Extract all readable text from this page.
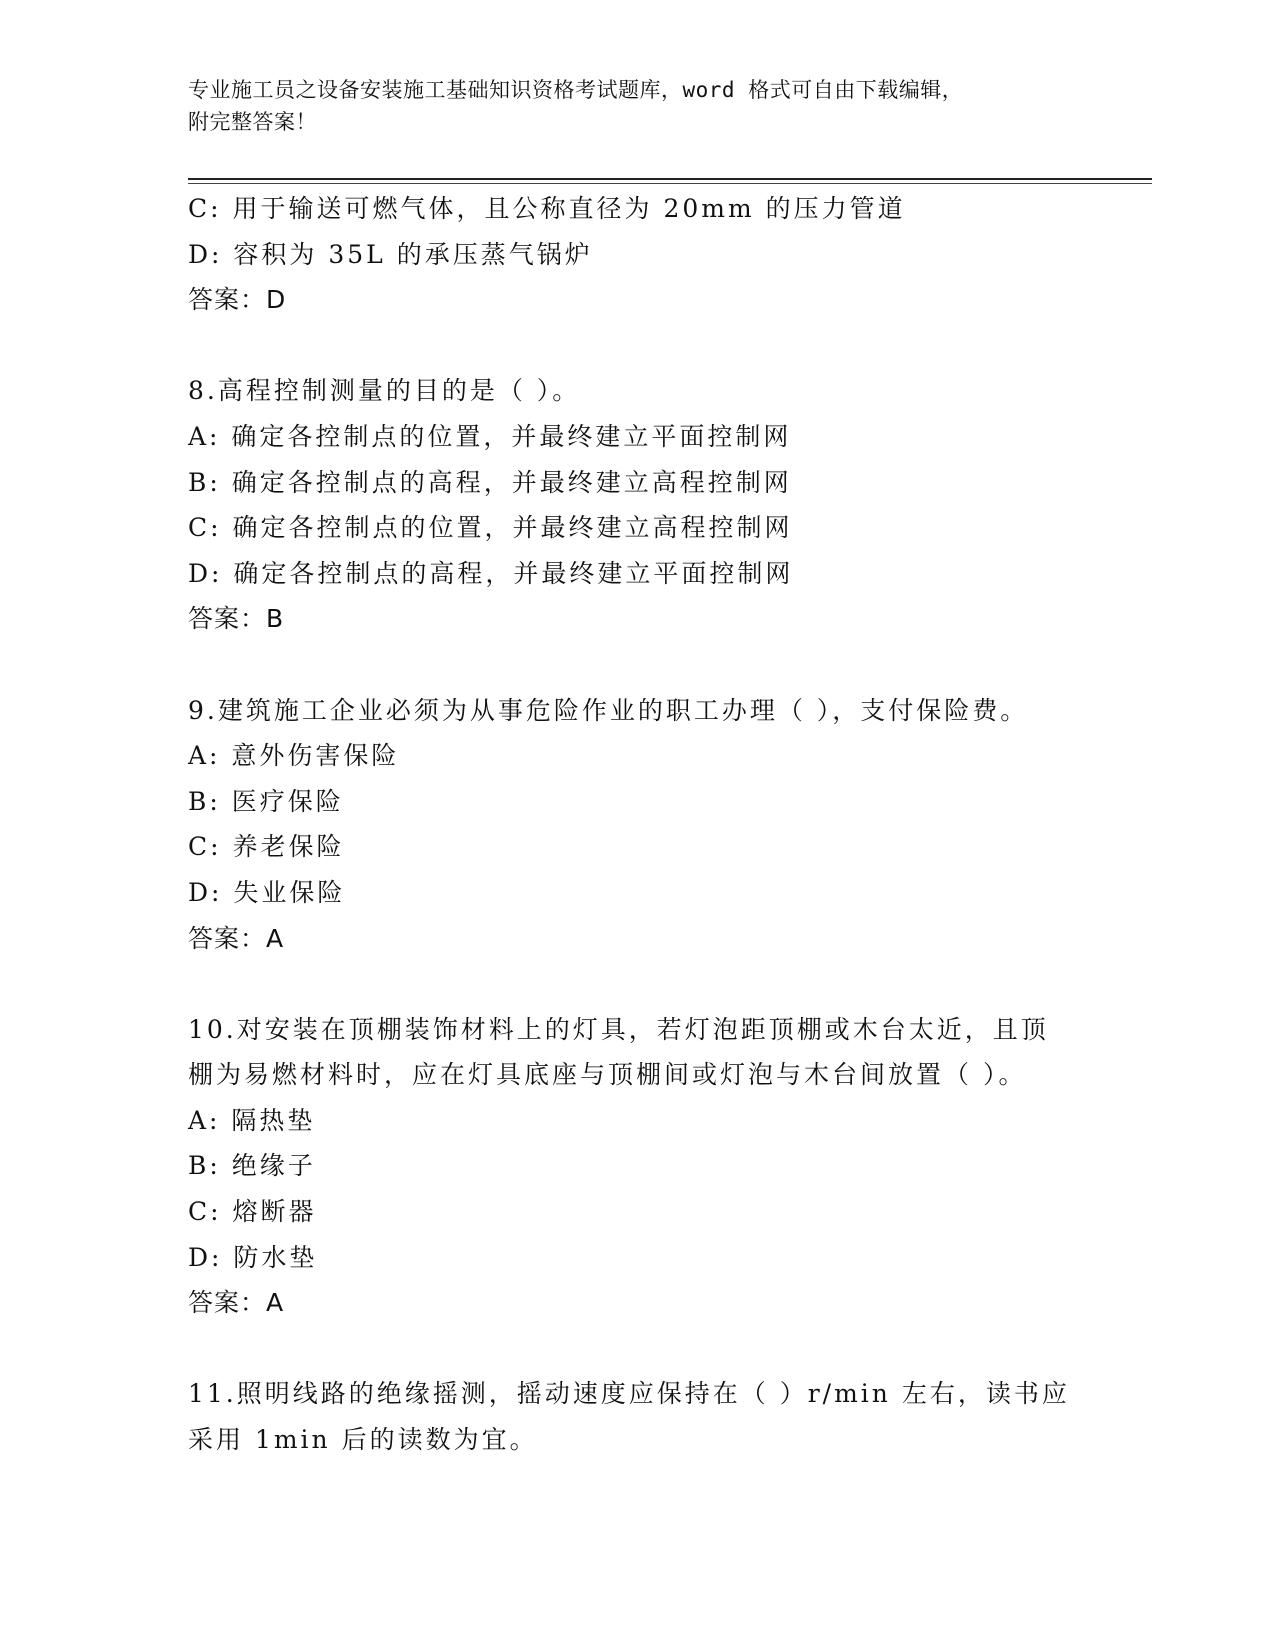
专业施工员之设备安装施工基础知识资格考试题库，word 格式可自由下载编辑，
附完整答案！
C: 用于输送可燃气体，且公称直径为 20mm 的压力管道
D: 容积为 35L 的承压蒸气锅炉
答案：D
8.高程控制测量的目的是（ ）。
A: 确定各控制点的位置，并最终建立平面控制网
B: 确定各控制点的高程，并最终建立高程控制网
C: 确定各控制点的位置，并最终建立高程控制网
D: 确定各控制点的高程，并最终建立平面控制网
答案：B
9.建筑施工企业必须为从事危险作业的职工办理（ ），支付保险费。
A: 意外伤害保险
B: 医疗保险
C: 养老保险
D: 失业保险
答案：A
10.对安装在顶棚装饰材料上的灯具，若灯泡距顶棚或木台太近，且顶
棚为易燃材料时，应在灯具底座与顶棚间或灯泡与木台间放置（ ）。
A: 隔热垫
B: 绝缘子
C: 熔断器
D: 防水垫
答案：A
11.照明线路的绝缘摇测，摇动速度应保持在（ ）r/min 左右，读书应
采用 1min 后的读数为宜。
